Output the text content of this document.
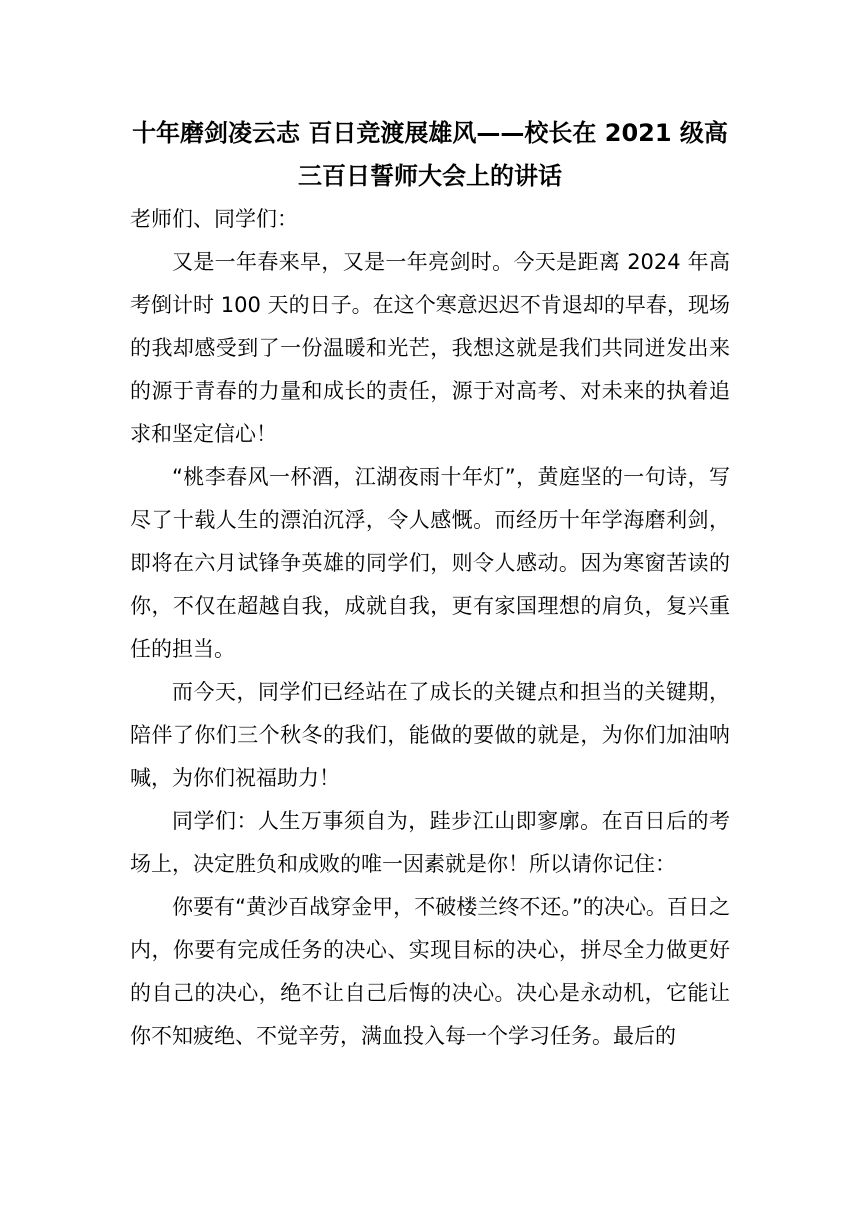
十年磨剑凌云志 百日竞渡展雄风——校长在 2021 级高三百日誓师大会上的讲话

老师们、同学们：

又是一年春来早，又是一年亮剑时。今天是距离 2024 年高考倒计时 100 天的日子。在这个寒意迟迟不肯退却的早春，现场的我却感受到了一份温暖和光芒，我想这就是我们共同迸发出来的源于青春的力量和成长的责任，源于对高考、对未来的执着追求和坚定信心！

“桃李春风一杯酒，江湖夜雨十年灯”，黄庭坚的一句诗，写尽了十载人生的漂泊沉浮，令人感慨。而经历十年学海磨利剑，即将在六月试锋争英雄的同学们，则令人感动。因为寒窗苦读的你，不仅在超越自我，成就自我，更有家国理想的肩负，复兴重任的担当。

而今天，同学们已经站在了成长的关键点和担当的关键期，陪伴了你们三个秋冬的我们，能做的要做的就是，为你们加油呐喊，为你们祝福助力！

同学们：人生万事须自为，跬步江山即寥廓。在百日后的考场上，决定胜负和成败的唯一因素就是你！所以请你记住：

你要有“黄沙百战穿金甲，不破楼兰终不还。”的决心。百日之内，你要有完成任务的决心、实现目标的决心，拼尽全力做更好的自己的决心，绝不让自己后悔的决心。决心是永动机，它能让你不知疲绝、不觉辛劳，满血投入每一个学习任务。最后的
